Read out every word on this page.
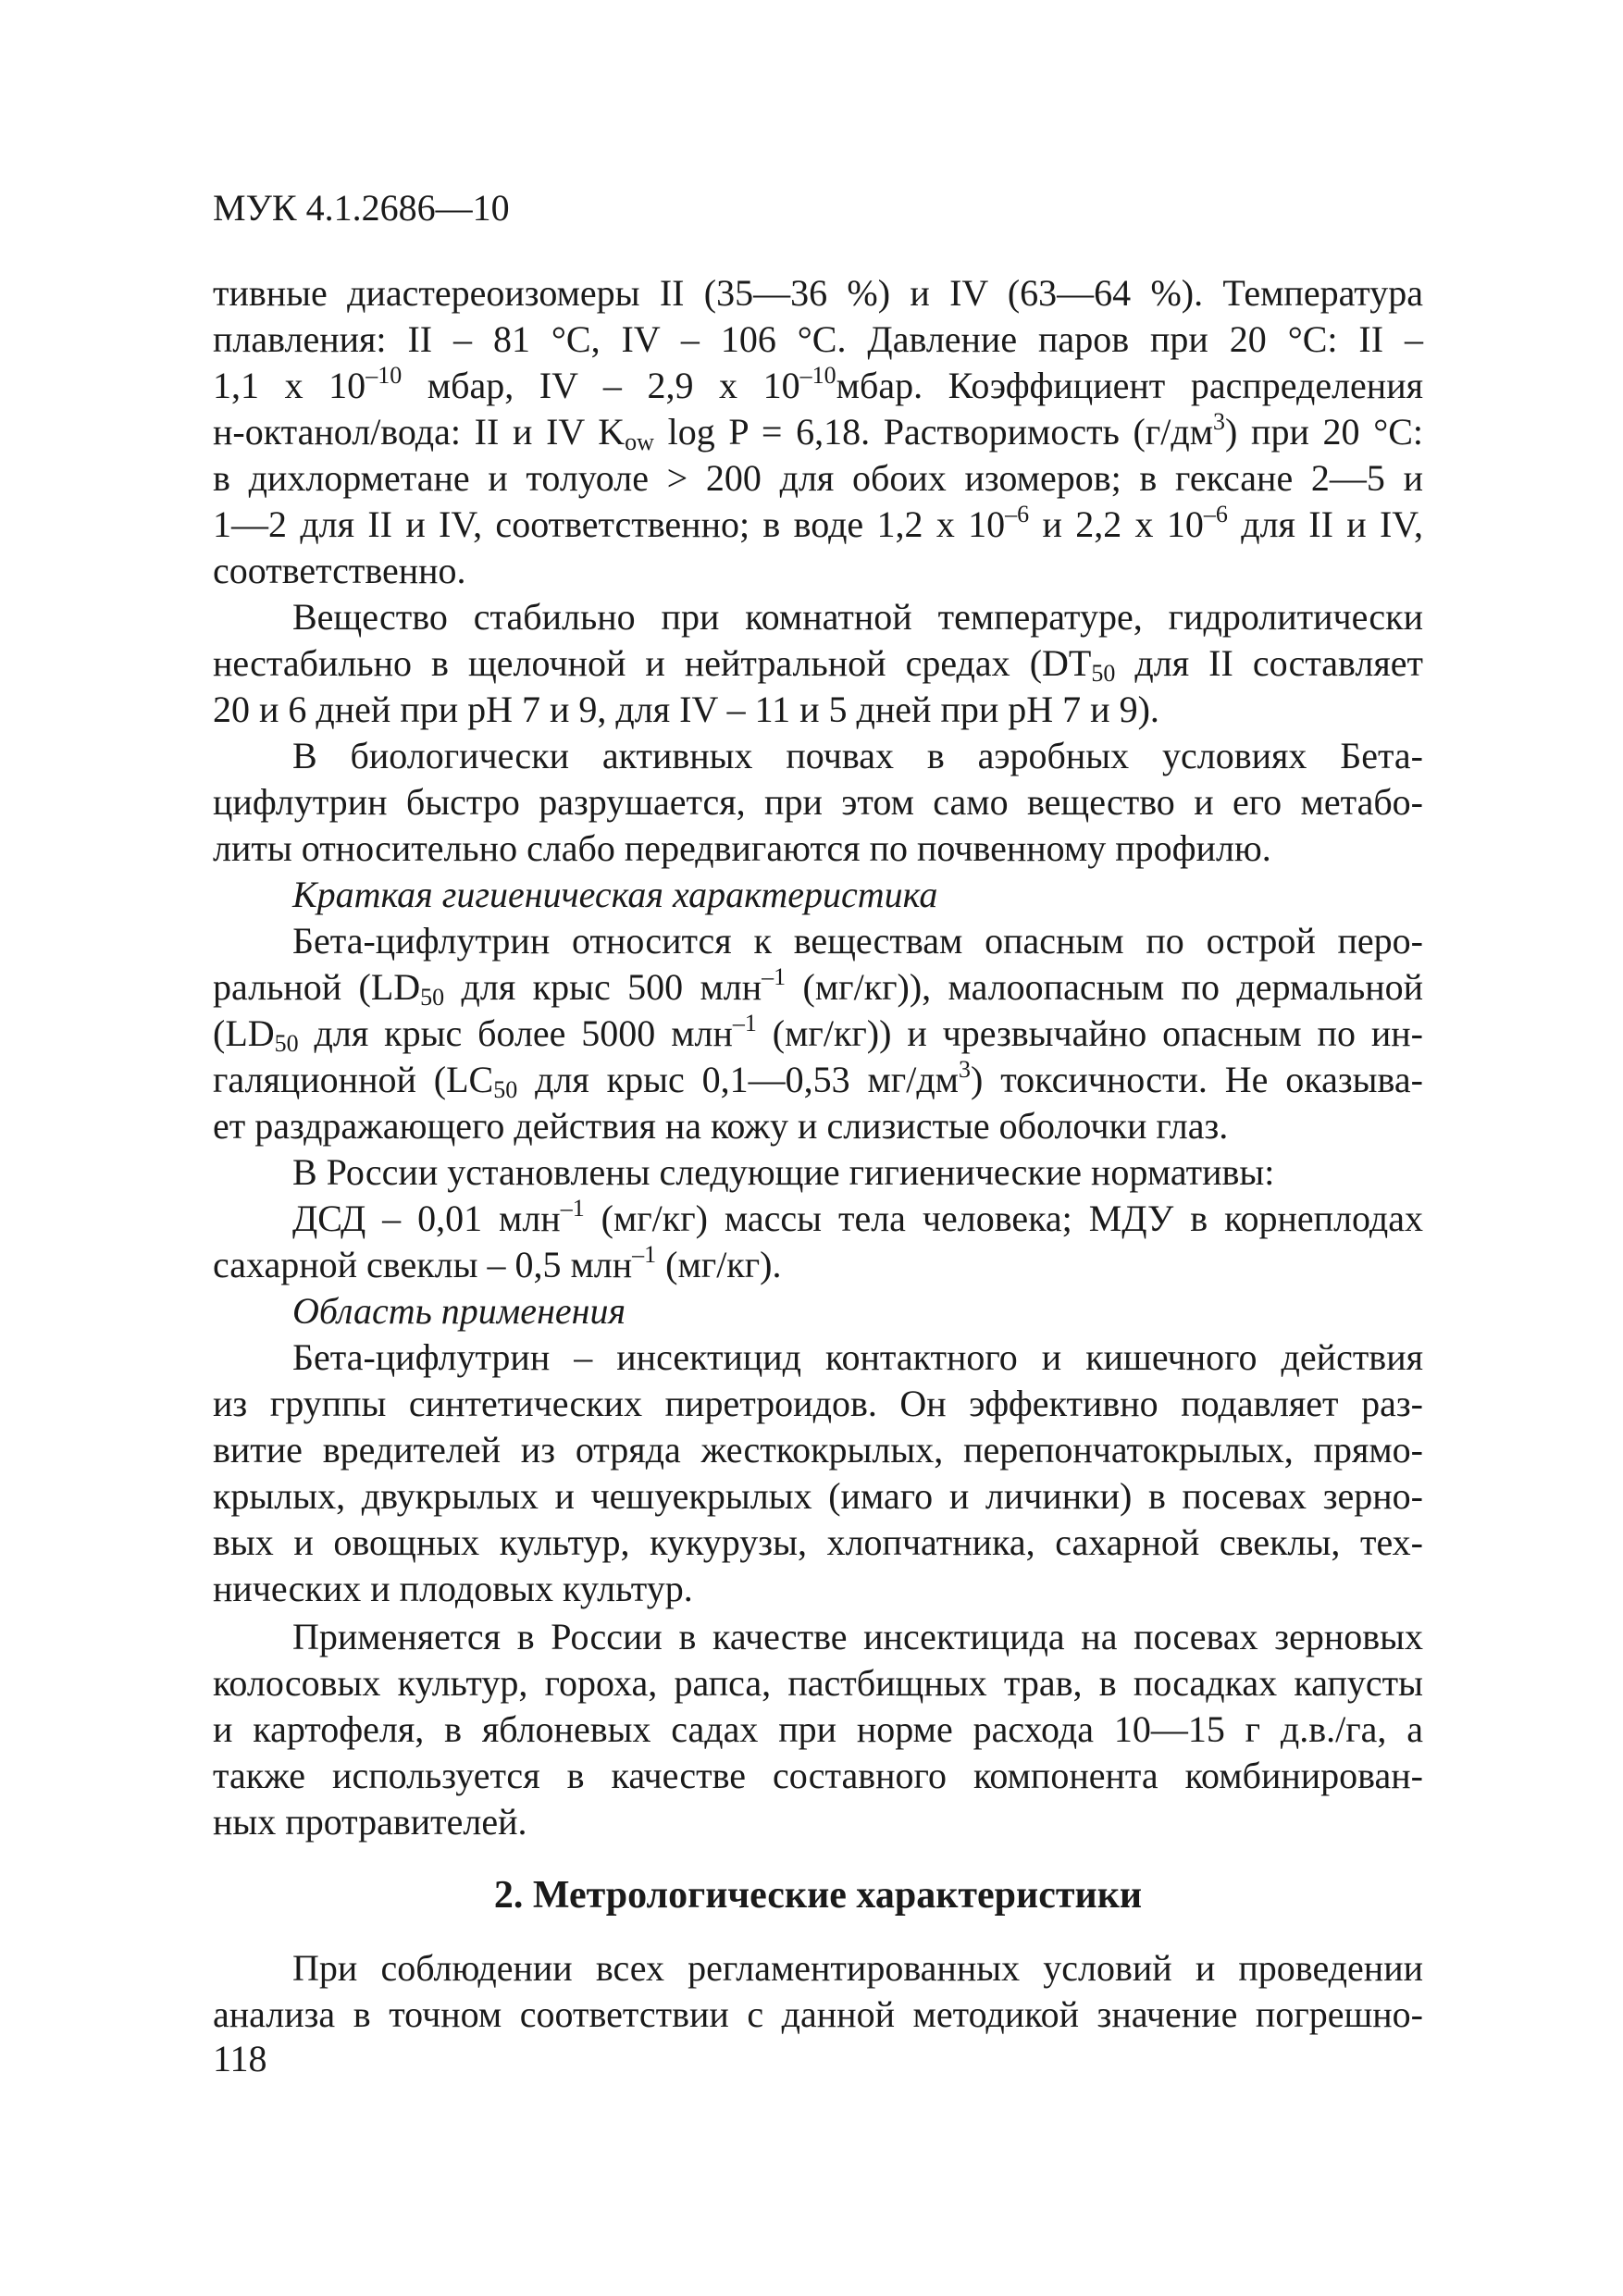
МУК 4.1.2686—10

тивные диастереоизомеры II (35—36 %) и IV (63—64 %). Температура

плавления: II – 81 °С, IV – 106 °С. Давление паров при 20 °С: II –

1,1 x $10^{-10}$ мбар, IV – 2,9 x $10^{-10}мбар$. Коэффициент распределения

н-октанол/вода: II и IV $K_{ow}$ log P = 6,18. Растворимость $(г/дм^3)$ при 20 °С:

в дихлорметане и толуоле > 200 для обоих изомеров; в гексане 2—5 и

1—2 для II и IV, соответственно; в воде 1,2 x $10^{-6}$ и 2,2 x $10^{-6}$ для II и IV,

соответственно.

Вещество стабильно при комнатной температуре, гидролитически

нестабильно в щелочной и нейтральной средах ($DT_{50}$ для II составляет

20 и 6 дней при pH 7 и 9, для IV – 11 и 5 дней при pH 7 и 9).

В биологически активных почвах в аэробных условиях Бета-

цифлутрин быстро разрушается, при этом само вещество и его метабо-

литы относительно слабо передвигаются по почвенному профилю.

Краткая гигиеническая характеристика

Бета-цифлутрин относится к веществам опасным по острой перо-

ральной ($LD_{50}$ для крыс 500 млн$^{-1}$ (мг/кг)), малоопасным по дермальной

($LD_{50}$ для крыс более 5000 млн$^{-1}$ (мг/кг)) и чрезвычайно опасным по ин-

галяционной ($LC_{50}$ для крыс 0,1—0,53 $мг/дм^3$) токсичности. Не оказыва-

ет раздражающего действия на кожу и слизистые оболочки глаз.

В России установлены следующие гигиенические нормативы:

ДСД – 0,01 млн$^{-1}$ (мг/кг) массы тела человека; МДУ в корнеплодах

сахарной свеклы – 0,5 млн$^{-1}$ (мг/кг).

Область применения

Бета-цифлутрин – инсектицид контактного и кишечного действия

из группы синтетических пиретроидов. Он эффективно подавляет раз-

витие вредителей из отряда жесткокрылых, перепончатокрылых, прямо-

крылых, двукрылых и чешуекрылых (имаго и личинки) в посевах зерно-

вых и овощных культур, кукурузы, хлопчатника, сахарной свеклы, тех-

нических и плодовых культур.

Применяется в России в качестве инсектицида на посевах зерновых

колосовых культур, гороха, рапса, пастбищных трав, в посадках капусты

и картофеля, в яблоневых садах при норме расхода 10—15 г д.в./га, а

также используется в качестве составного компонента комбинирован-

ных протравителей.

2. Метрологические характеристики

При соблюдении всех регламентированных условий и проведении

анализа в точном соответствии с данной методикой значение погрешно-

118
